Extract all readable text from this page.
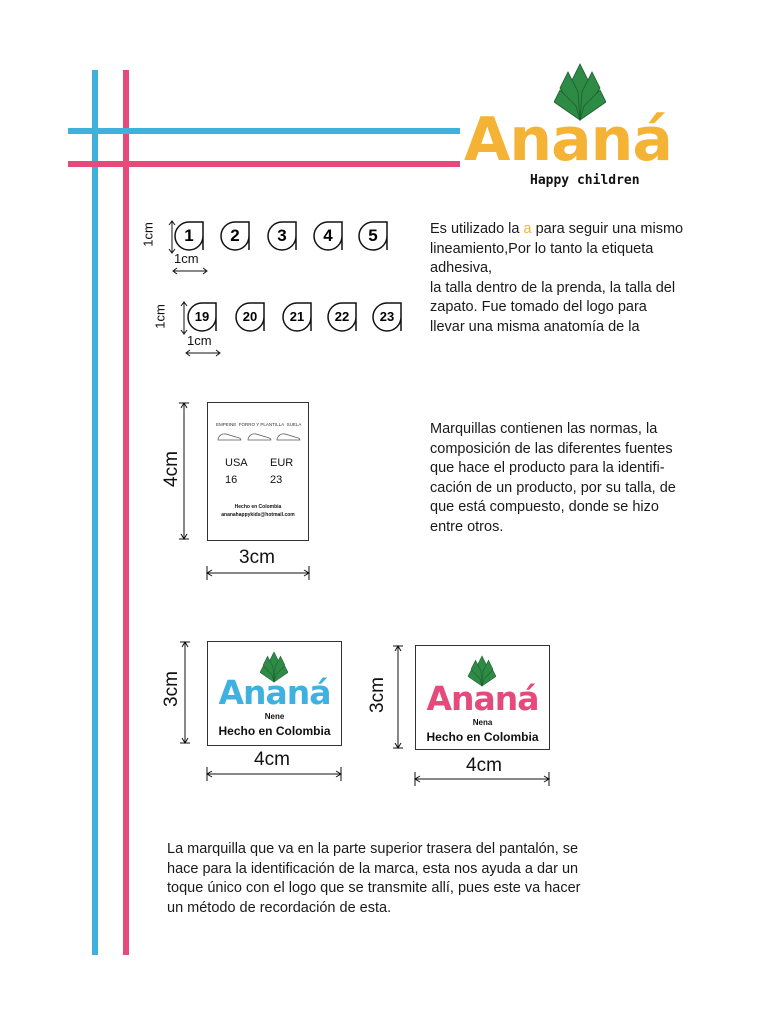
Ananá
Happy children
1cm	1	2	3	4	5
1cm
1cm	19	20	21	22	23
1cm
Es utilizado la a para seguir una mismo
lineamiento,Por lo tanto la etiqueta
adhesiva,
la talla dentro de la prenda, la talla del
zapato. Fue tomado del logo para
llevar una misma anatomía de la
4cm
EMPEINE FORRO Y PLANTILLA SUELA
USA
16
EUR
23
Hecho en Colombia
ananahappykids@hotmail.com
3cm
Marquillas contienen las normas, la
composición de las diferentes fuentes
que hace el producto para la identifi-
cación de un producto, por su talla, de
que está compuesto, donde se hizo
entre otros.
3cm	Ananá
Nene
Hecho en Colombia
4cm
3cm	Ananá
Nena
Hecho en Colombia
4cm
La marquilla que va en la parte superior trasera del pantalón, se
hace para la identificación de la marca, esta nos ayuda a dar un
toque único con el logo que se transmite allí, pues este va hacer
un método de recordación de esta.
